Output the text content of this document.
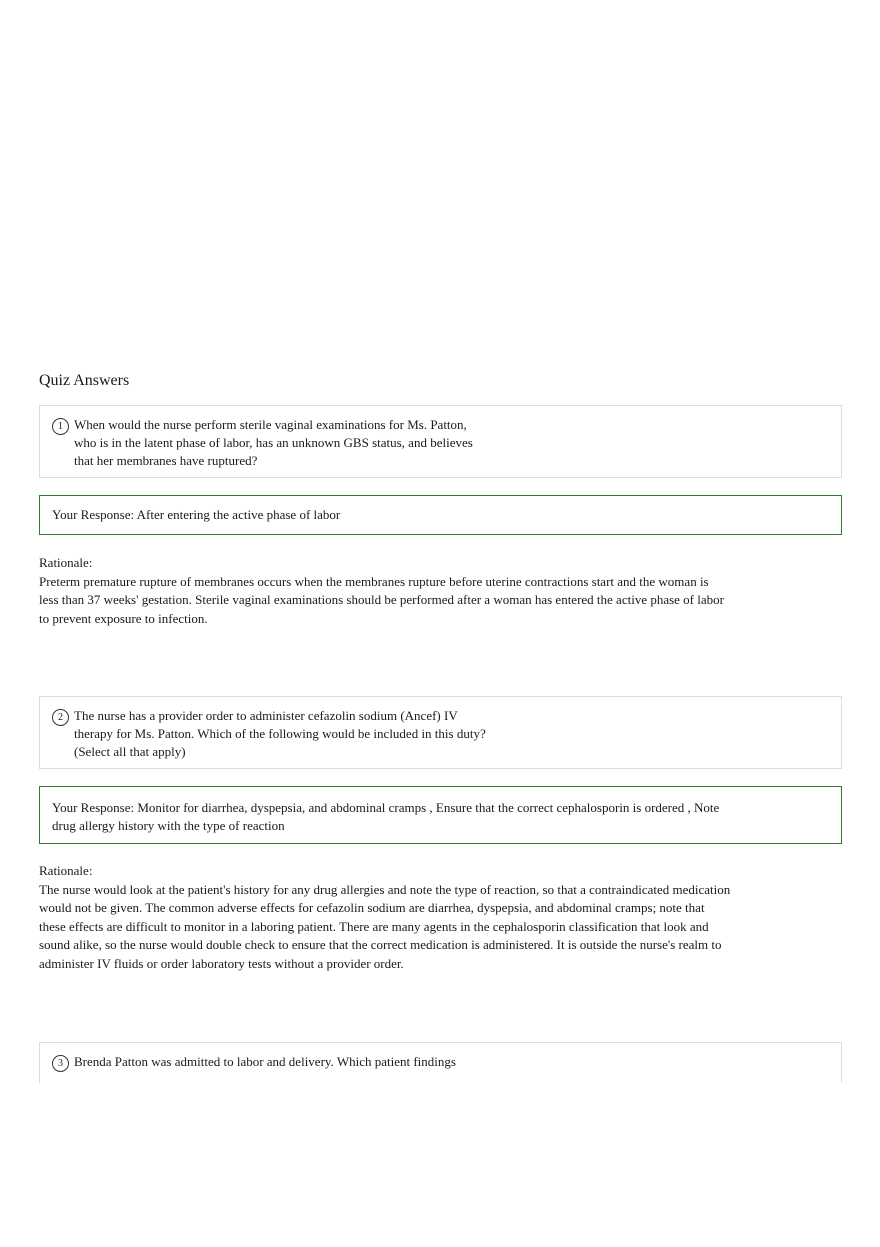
Quiz Answers
1 When would the nurse perform sterile vaginal examinations for Ms. Patton,
who is in the latent phase of labor, has an unknown GBS status, and believes
that her membranes have ruptured?
Your Response: After entering the active phase of labor
Rationale:
Preterm premature rupture of membranes occurs when the membranes rupture before uterine contractions start and the woman is
less than 37 weeks' gestation. Sterile vaginal examinations should be performed after a woman has entered the active phase of labor
to prevent exposure to infection.
2 The nurse has a provider order to administer cefazolin sodium (Ancef) IV
therapy for Ms. Patton. Which of the following would be included in this duty?
(Select all that apply)
Your Response: Monitor for diarrhea, dyspepsia, and abdominal cramps , Ensure that the correct cephalosporin is ordered , Note
drug allergy history with the type of reaction
Rationale:
The nurse would look at the patient's history for any drug allergies and note the type of reaction, so that a contraindicated medication
would not be given. The common adverse effects for cefazolin sodium are diarrhea, dyspepsia, and abdominal cramps; note that
these effects are difficult to monitor in a laboring patient. There are many agents in the cephalosporin classification that look and
sound alike, so the nurse would double check to ensure that the correct medication is administered. It is outside the nurse's realm to
administer IV fluids or order laboratory tests without a provider order.
3 Brenda Patton was admitted to labor and delivery. Which patient findings
